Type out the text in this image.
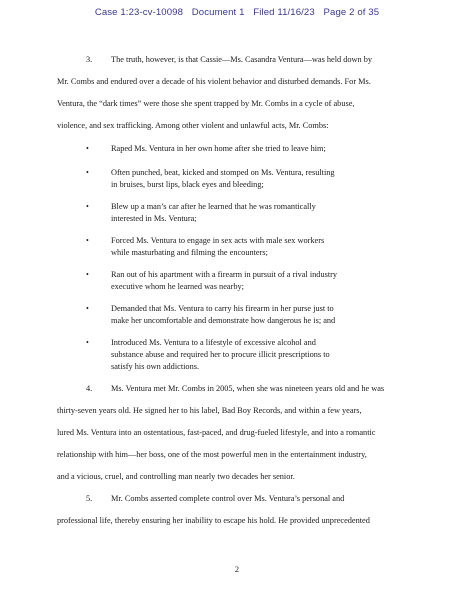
Case 1:23-cv-10098 Document 1 Filed 11/16/23 Page 2 of 35
3. The truth, however, is that Cassie—Ms. Casandra Ventura—was held down by
Mr. Combs and endured over a decade of his violent behavior and disturbed demands. For Ms.
Ventura, the “dark times” were those she spent trapped by Mr. Combs in a cycle of abuse,
violence, and sex trafficking. Among other violent and unlawful acts, Mr. Combs:
•	Raped Ms. Ventura in her own home after she tried to leave him;
•	Often punched, beat, kicked and stomped on Ms. Ventura, resulting
in bruises, burst lips, black eyes and bleeding;
•	Blew up a man’s car after he learned that he was romantically
interested in Ms. Ventura;
•	Forced Ms. Ventura to engage in sex acts with male sex workers
while masturbating and filming the encounters;
•	Ran out of his apartment with a firearm in pursuit of a rival industry
executive whom he learned was nearby;
•	Demanded that Ms. Ventura to carry his firearm in her purse just to
make her uncomfortable and demonstrate how dangerous he is; and
•	Introduced Ms. Ventura to a lifestyle of excessive alcohol and
substance abuse and required her to procure illicit prescriptions to
satisfy his own addictions.
4. Ms. Ventura met Mr. Combs in 2005, when she was nineteen years old and he was
thirty-seven years old. He signed her to his label, Bad Boy Records, and within a few years,
lured Ms. Ventura into an ostentatious, fast-paced, and drug-fueled lifestyle, and into a romantic
relationship with him—her boss, one of the most powerful men in the entertainment industry,
and a vicious, cruel, and controlling man nearly two decades her senior.
5. Mr. Combs asserted complete control over Ms. Ventura’s personal and
professional life, thereby ensuring her inability to escape his hold. He provided unprecedented
2
